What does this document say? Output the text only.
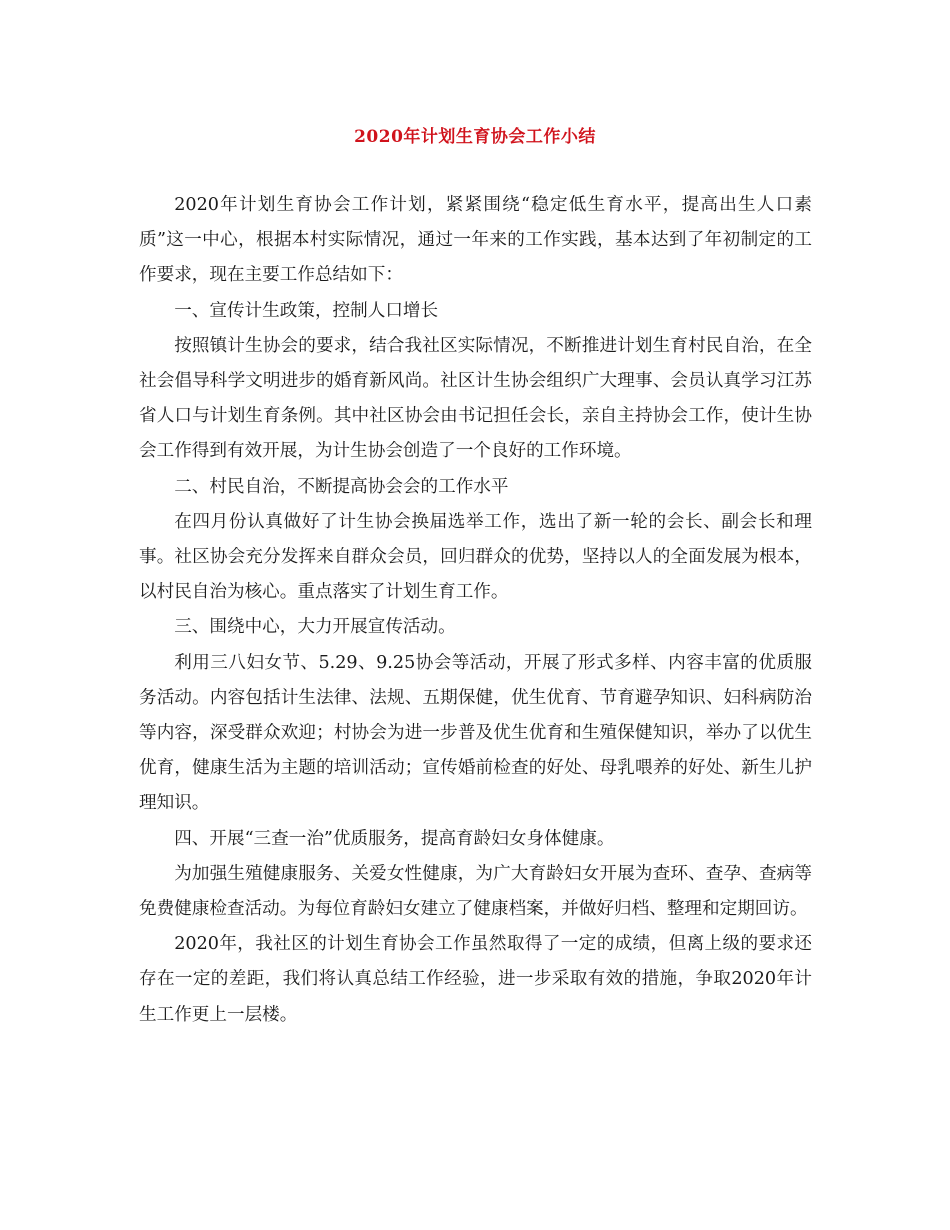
2020年计划生育协会工作小结

2020年计划生育协会工作计划，紧紧围绕“稳定低生育水平，提高出生人口素质”这一中心，根据本村实际情况，通过一年来的工作实践，基本达到了年初制定的工作要求，现在主要工作总结如下：

一、宣传计生政策，控制人口增长

按照镇计生协会的要求，结合我社区实际情况，不断推进计划生育村民自治，在全社会倡导科学文明进步的婚育新风尚。社区计生协会组织广大理事、会员认真学习江苏省人口与计划生育条例。其中社区协会由书记担任会长，亲自主持协会工作，使计生协会工作得到有效开展，为计生协会创造了一个良好的工作环境。

二、村民自治，不断提高协会会的工作水平

在四月份认真做好了计生协会换届选举工作，选出了新一轮的会长、副会长和理事。社区协会充分发挥来自群众会员，回归群众的优势，坚持以人的全面发展为根本，以村民自治为核心。重点落实了计划生育工作。

三、围绕中心，大力开展宣传活动。

利用三八妇女节、5.29、9.25协会等活动，开展了形式多样、内容丰富的优质服务活动。内容包括计生法律、法规、五期保健，优生优育、节育避孕知识、妇科病防治等内容，深受群众欢迎；村协会为进一步普及优生优育和生殖保健知识，举办了以优生优育，健康生活为主题的培训活动；宣传婚前检查的好处、母乳喂养的好处、新生儿护理知识。

四、开展“三查一治”优质服务，提高育龄妇女身体健康。

为加强生殖健康服务、关爱女性健康，为广大育龄妇女开展为查环、查孕、查病等免费健康检查活动。为每位育龄妇女建立了健康档案，并做好归档、整理和定期回访。

2020年，我社区的计划生育协会工作虽然取得了一定的成绩，但离上级的要求还存在一定的差距，我们将认真总结工作经验，进一步采取有效的措施，争取2020年计生工作更上一层楼。
